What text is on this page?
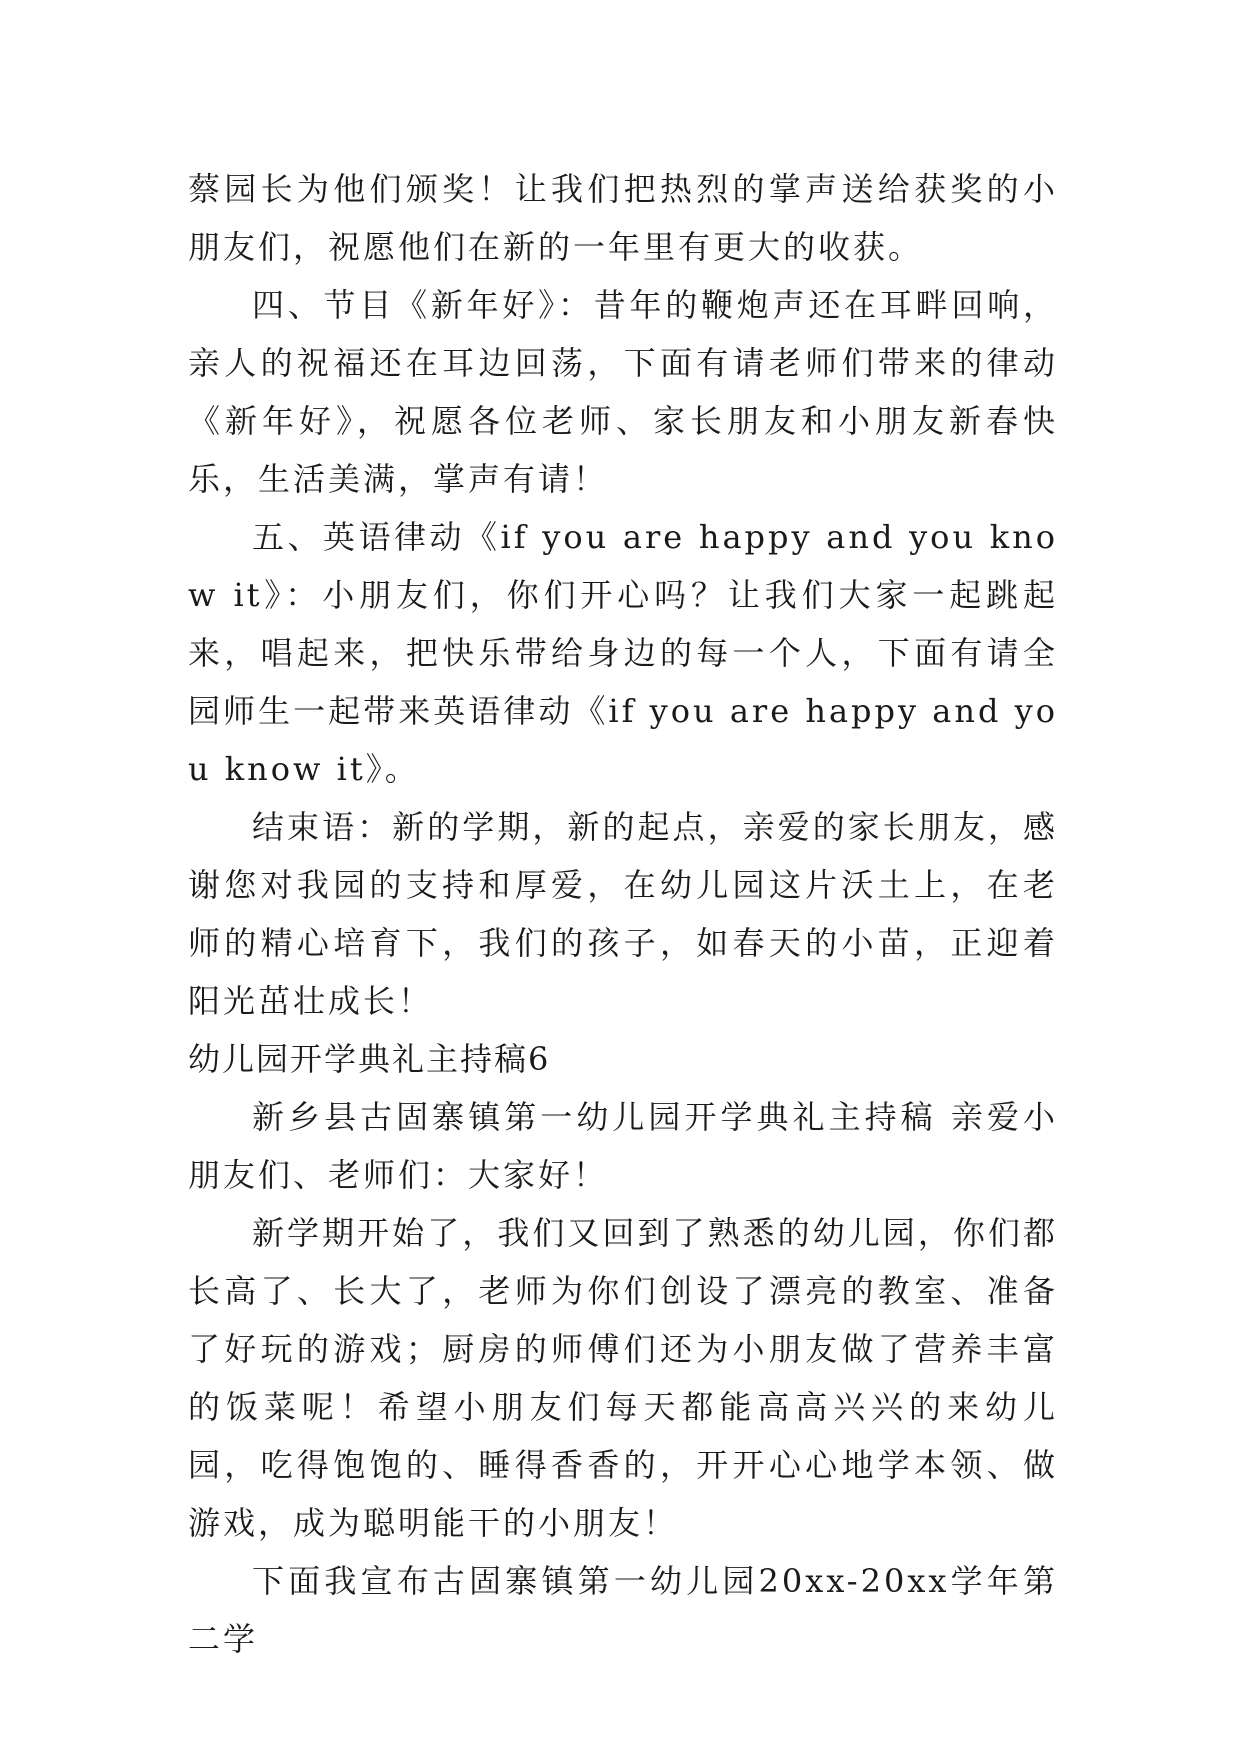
蔡园长为他们颁奖！让我们把热烈的掌声送给获奖的小朋友们，祝愿他们在新的一年里有更大的收获。

四、节目《新年好》：昔年的鞭炮声还在耳畔回响，亲人的祝福还在耳边回荡，下面有请老师们带来的律动《新年好》，祝愿各位老师、家长朋友和小朋友新春快乐，生活美满，掌声有请！

五、英语律动《if you are happy and you know it》：小朋友们，你们开心吗？让我们大家一起跳起来，唱起来，把快乐带给身边的每一个人，下面有请全园师生一起带来英语律动《if you are happy and you know it》。

结束语：新的学期，新的起点，亲爱的家长朋友，感谢您对我园的支持和厚爱，在幼儿园这片沃土上，在老师的精心培育下，我们的孩子，如春天的小苗，正迎着阳光茁壮成长！

幼儿园开学典礼主持稿6

新乡县古固寨镇第一幼儿园开学典礼主持稿 亲爱小朋友们、老师们：大家好！

新学期开始了，我们又回到了熟悉的幼儿园，你们都长高了、长大了，老师为你们创设了漂亮的教室、准备了好玩的游戏；厨房的师傅们还为小朋友做了营养丰富的饭菜呢！希望小朋友们每天都能高高兴兴的来幼儿园，吃得饱饱的、睡得香香的，开开心心地学本领、做游戏，成为聪明能干的小朋友！

下面我宣布古固寨镇第一幼儿园20xx-20xx学年第二学
